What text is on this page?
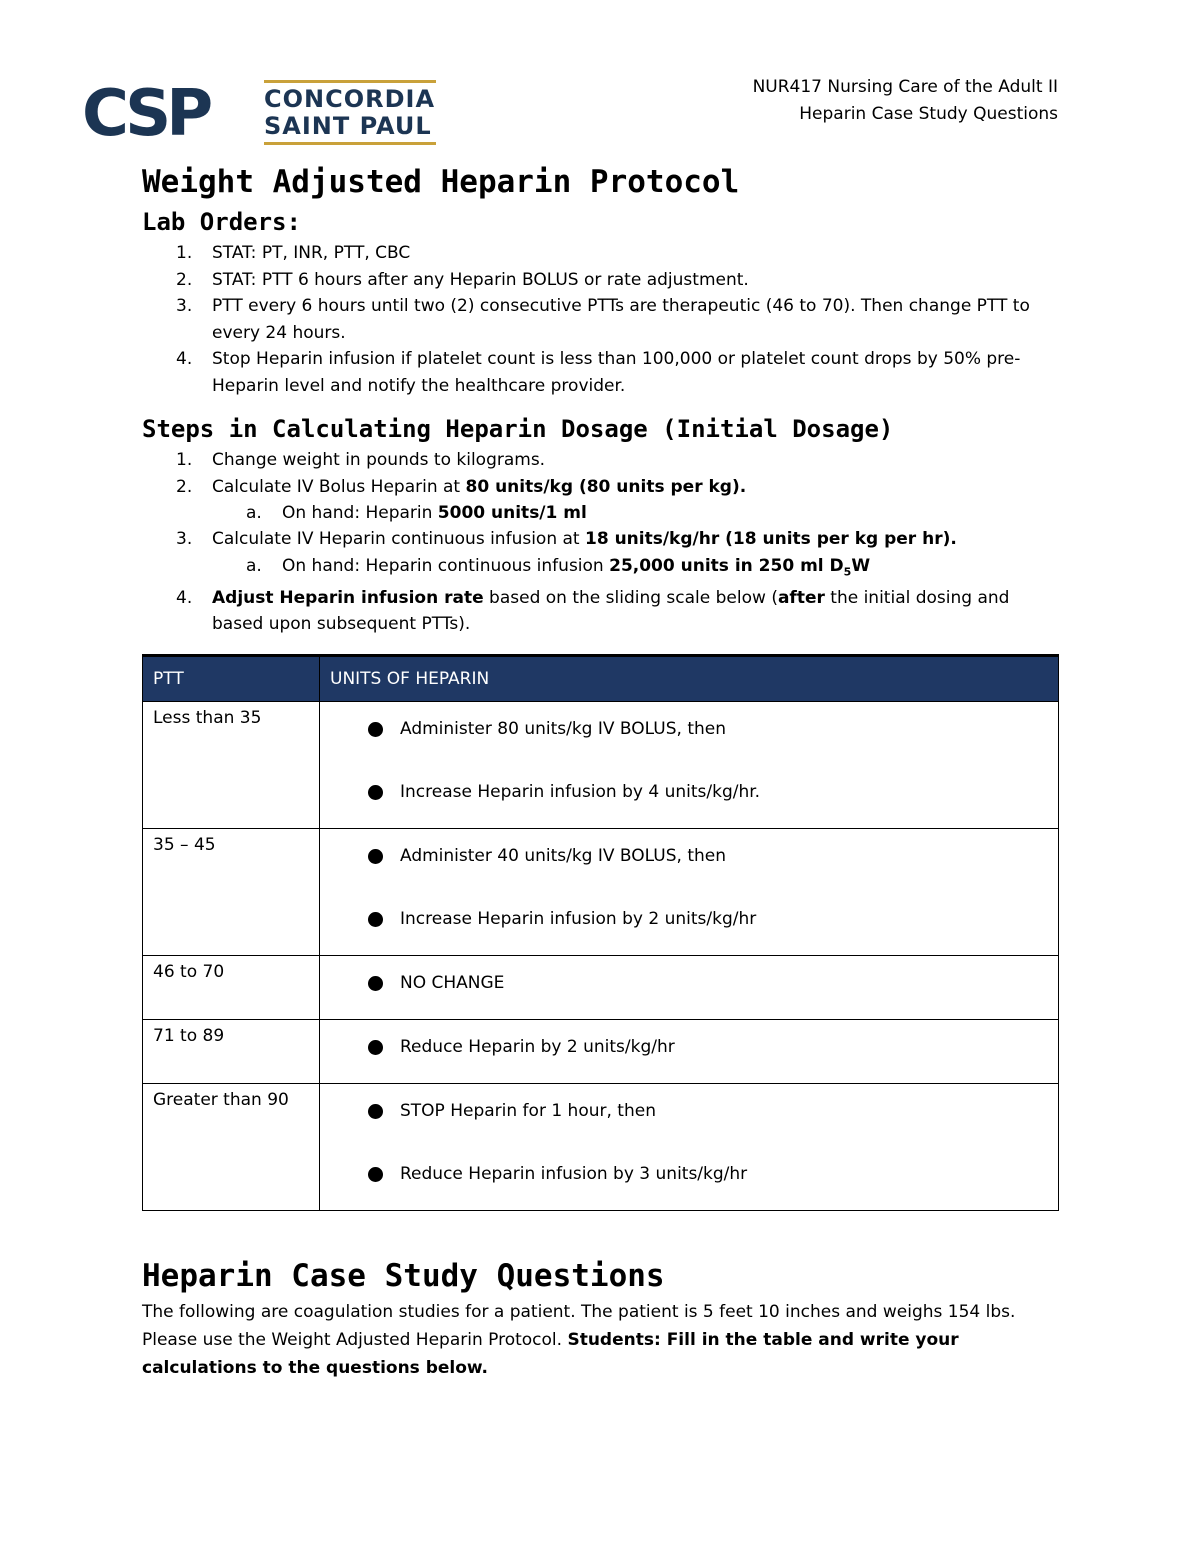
CSP CONCORDIA
SAINT PAUL
NUR417 Nursing Care of the Adult II
Heparin Case Study Questions
Weight Adjusted Heparin Protocol
Lab Orders:
1. STAT: PT, INR, PTT, CBC
2. STAT: PTT 6 hours after any Heparin BOLUS or rate adjustment.
3. PTT every 6 hours until two (2) consecutive PTTs are therapeutic (46 to 70). Then change PTT to every 24 hours.
4. Stop Heparin infusion if platelet count is less than 100,000 or platelet count drops by 50% pre-Heparin level and notify the healthcare provider.
Steps in Calculating Heparin Dosage (Initial Dosage)
1. Change weight in pounds to kilograms.
2. Calculate IV Bolus Heparin at 80 units/kg (80 units per kg).
a. On hand: Heparin 5000 units/1 ml
3. Calculate IV Heparin continuous infusion at 18 units/kg/hr (18 units per kg per hr).
a. On hand: Heparin continuous infusion 25,000 units in 250 ml $D_5W$
4. Adjust Heparin infusion rate based on the sliding scale below (after the initial dosing and based upon subsequent PTTs).
PTT	UNITS OF HEPARIN
Less than 35	Administer 80 units/kg IV BOLUS, then
Increase Heparin infusion by 4 units/kg/hr.

35 – 45	Administer 40 units/kg IV BOLUS, then
Increase Heparin infusion by 2 units/kg/hr

46 to 70	NO CHANGE

71 to 89	Reduce Heparin by 2 units/kg/hr

Greater than 90	STOP Heparin for 1 hour, then
Reduce Heparin infusion by 3 units/kg/hr
Heparin Case Study Questions

The following are coagulation studies for a patient. The patient is 5 feet 10 inches and weighs 154 lbs.

Please use the Weight Adjusted Heparin Protocol. Students: Fill in the table and write your calculations to the questions below.
